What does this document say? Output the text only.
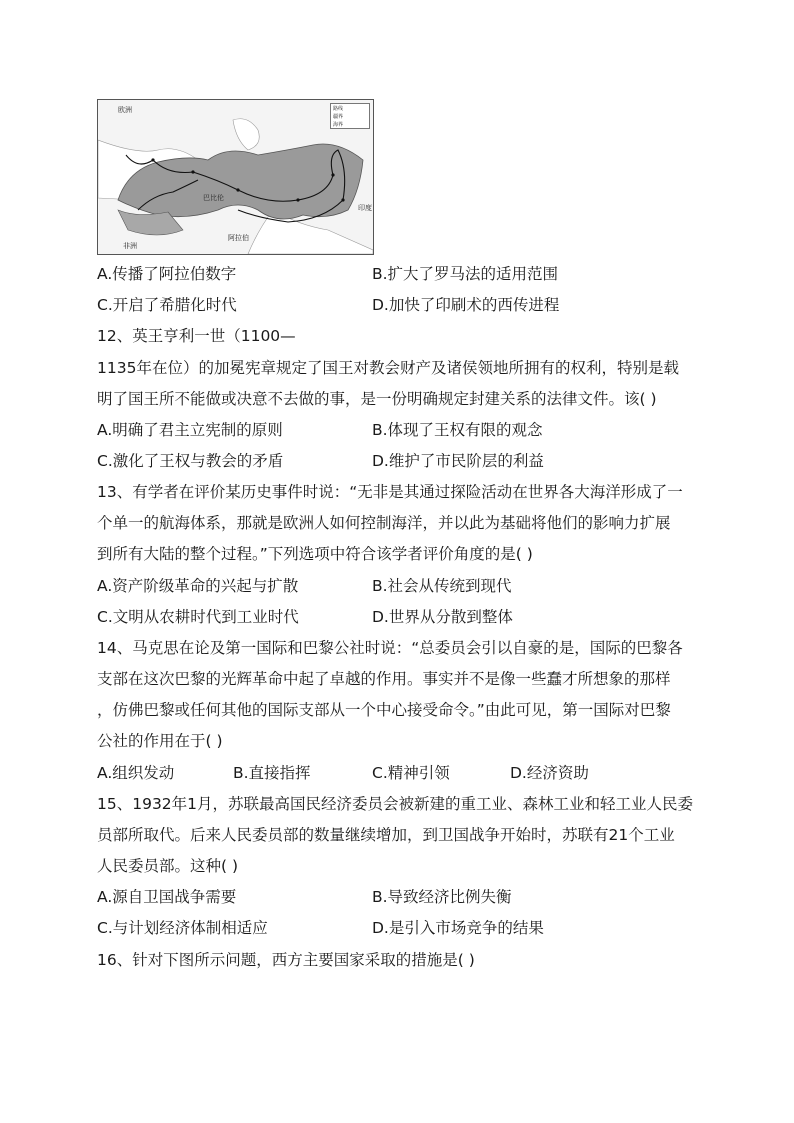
欧洲
非洲
阿拉伯
印度
巴比伦
路线
疆界
海界
A.传播了阿拉伯数字	B.扩大了罗马法的适用范围
C.开启了希腊化时代	D.加快了印刷术的西传进程
12、英王亨利一世（1100—
1135年在位）的加冕宪章规定了国王对教会财产及诸侯领地所拥有的权利，特别是载
明了国王所不能做或决意不去做的事，是一份明确规定封建关系的法律文件。该( )
A.明确了君主立宪制的原则	B.体现了王权有限的观念
C.激化了王权与教会的矛盾	D.维护了市民阶层的利益
13、有学者在评价某历史事件时说：“无非是其通过探险活动在世界各大海洋形成了一
个单一的航海体系，那就是欧洲人如何控制海洋，并以此为基础将他们的影响力扩展
到所有大陆的整个过程。”下列选项中符合该学者评价角度的是( )
A.资产阶级革命的兴起与扩散	B.社会从传统到现代
C.文明从农耕时代到工业时代	D.世界从分散到整体
14、马克思在论及第一国际和巴黎公社时说：“总委员会引以自豪的是，国际的巴黎各
支部在这次巴黎的光辉革命中起了卓越的作用。事实并不是像一些蠢才所想象的那样
，仿佛巴黎或任何其他的国际支部从一个中心接受命令。”由此可见，第一国际对巴黎
公社的作用在于( )
A.组织发动	B.直接指挥	C.精神引领	D.经济资助
15、1932年1月，苏联最高国民经济委员会被新建的重工业、森林工业和轻工业人民委
员部所取代。后来人民委员部的数量继续增加，到卫国战争开始时，苏联有21个工业
人民委员部。这种( )
A.源自卫国战争需要	B.导致经济比例失衡
C.与计划经济体制相适应	D.是引入市场竞争的结果
16、针对下图所示问题，西方主要国家采取的措施是( )
